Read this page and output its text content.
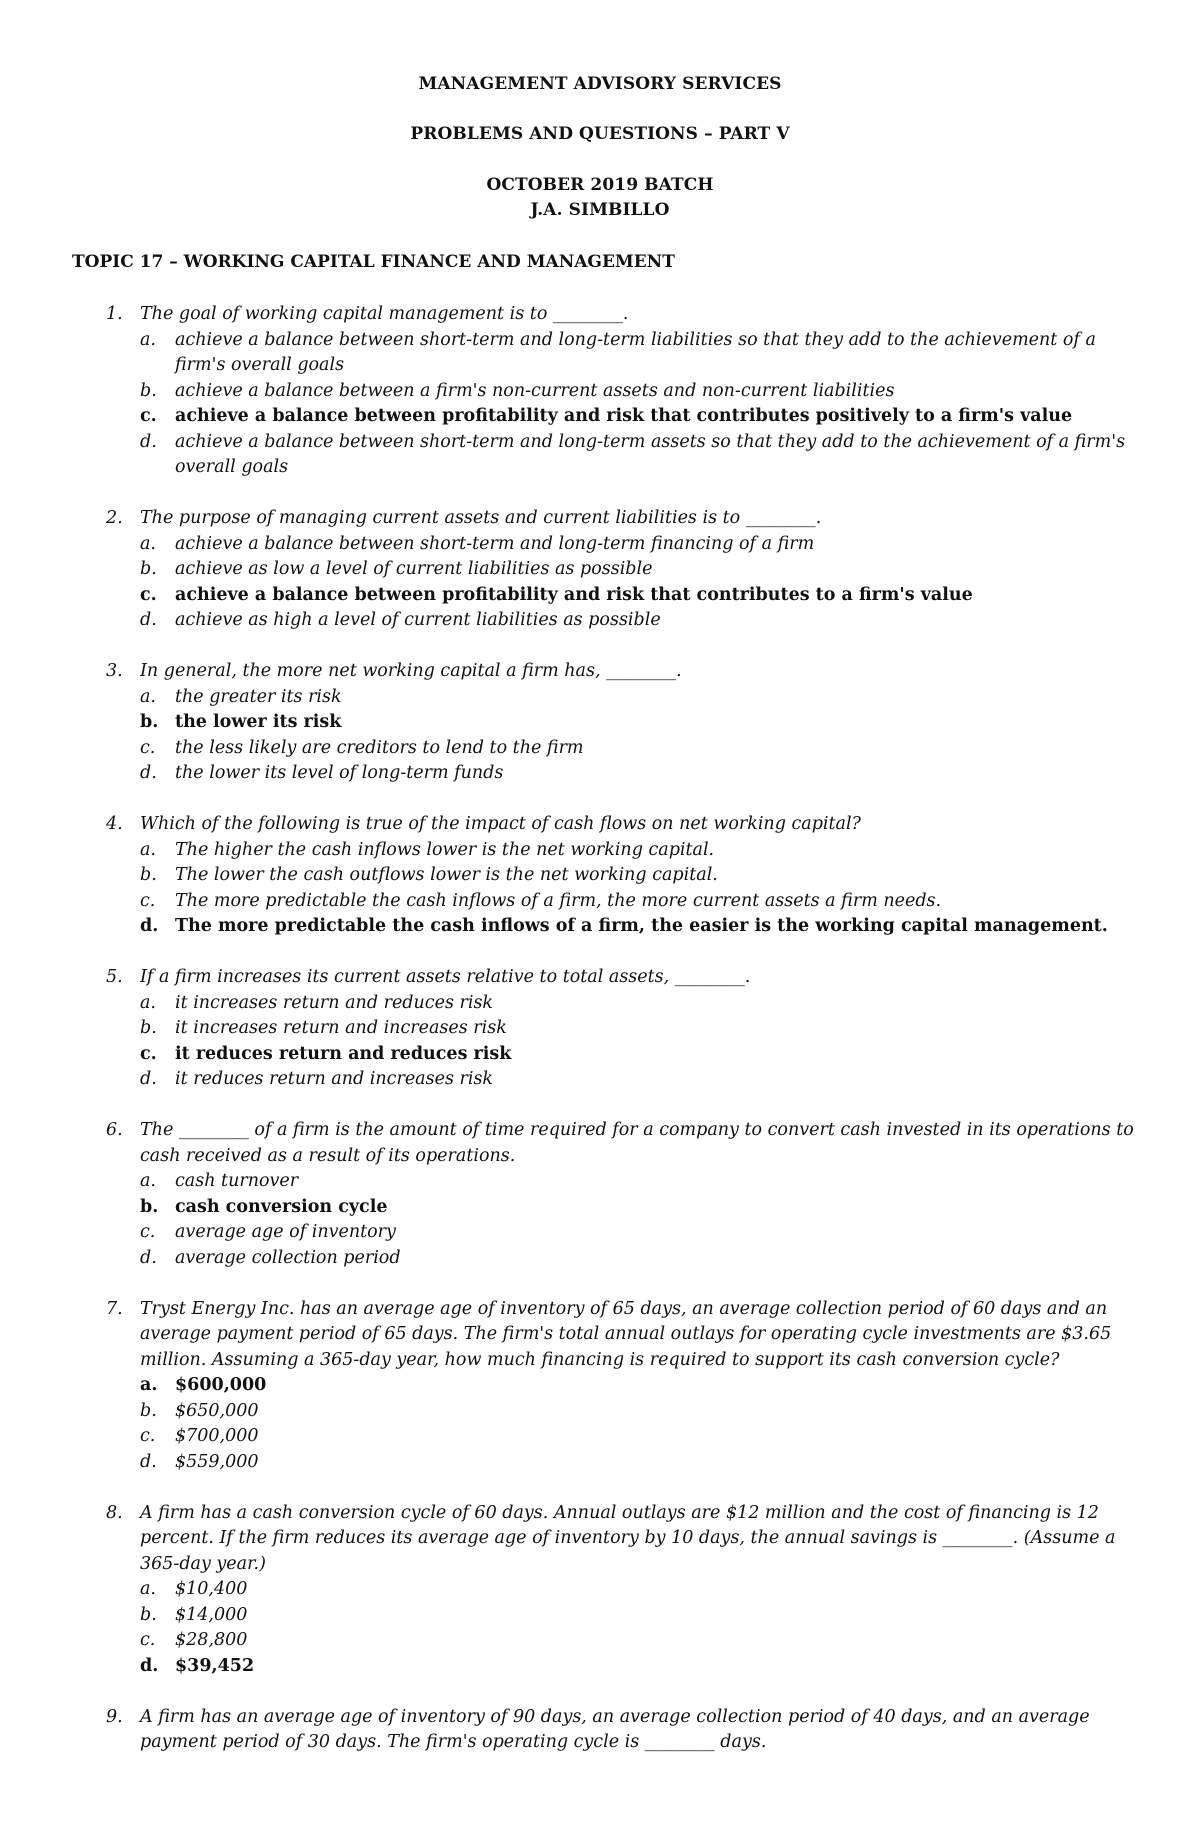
MANAGEMENT ADVISORY SERVICES
PROBLEMS AND QUESTIONS – PART V
OCTOBER 2019 BATCH
J.A. SIMBILLO
TOPIC 17 – WORKING CAPITAL FINANCE AND MANAGEMENT
1. The goal of working capital management is to ________.
a. achieve a balance between short-term and long-term liabilities so that they add to the achievement of a
firm's overall goals
b. achieve a balance between a firm's non-current assets and non-current liabilities
c. achieve a balance between profitability and risk that contributes positively to a firm's value
d. achieve a balance between short-term and long-term assets so that they add to the achievement of a firm's
overall goals
2. The purpose of managing current assets and current liabilities is to ________.
a. achieve a balance between short-term and long-term financing of a firm
b. achieve as low a level of current liabilities as possible
c. achieve a balance between profitability and risk that contributes to a firm's value
d. achieve as high a level of current liabilities as possible
3. In general, the more net working capital a firm has, ________.
a. the greater its risk
b. the lower its risk
c. the less likely are creditors to lend to the firm
d. the lower its level of long-term funds
4. Which of the following is true of the impact of cash flows on net working capital?
a. The higher the cash inflows lower is the net working capital.
b. The lower the cash outflows lower is the net working capital.
c. The more predictable the cash inflows of a firm, the more current assets a firm needs.
d. The more predictable the cash inflows of a firm, the easier is the working capital management.
5. If a firm increases its current assets relative to total assets, ________.
a. it increases return and reduces risk
b. it increases return and increases risk
c. it reduces return and reduces risk
d. it reduces return and increases risk
6. The ________ of a firm is the amount of time required for a company to convert cash invested in its operations to
cash received as a result of its operations.
a. cash turnover
b. cash conversion cycle
c. average age of inventory
d. average collection period
7. Tryst Energy Inc. has an average age of inventory of 65 days, an average collection period of 60 days and an
average payment period of 65 days. The firm's total annual outlays for operating cycle investments are $3.65
million. Assuming a 365-day year, how much financing is required to support its cash conversion cycle?
a. $600,000
b. $650,000
c. $700,000
d. $559,000
8. A firm has a cash conversion cycle of 60 days. Annual outlays are $12 million and the cost of financing is 12
percent. If the firm reduces its average age of inventory by 10 days, the annual savings is ________. (Assume a
365-day year.)
a. $10,400
b. $14,000
c. $28,800
d. $39,452
9. A firm has an average age of inventory of 90 days, an average collection period of 40 days, and an average
payment period of 30 days. The firm's operating cycle is ________ days.
